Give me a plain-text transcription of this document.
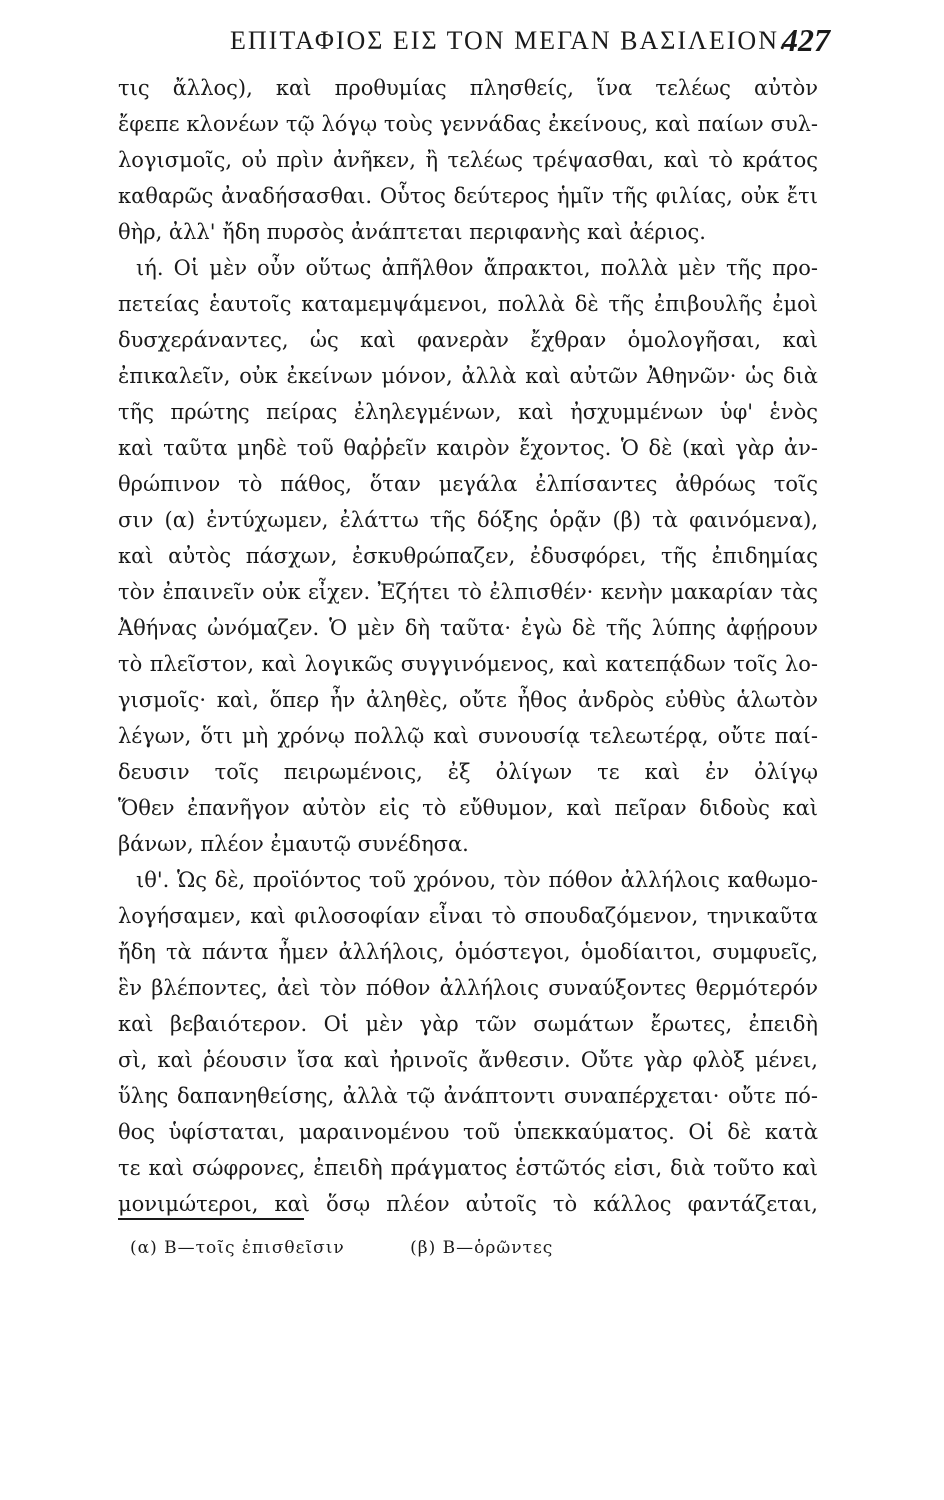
ΕΠΙΤΑΦΙΟΣ ΕΙΣ ΤΟΝ ΜΕΓΑΝ ΒΑΣΙΛΕΙΟΝ.
427
τις ἄλλος), καὶ προθυμίας πλησθείς, ἵνα τελέως αὐτὸν
ἔφεπε κλονέων τῷ λόγῳ τοὺς γεννάδας ἐκείνους, καὶ παίων συλ-
λογισμοῖς, οὐ πρὶν ἀνῆκεν, ἢ τελέως τρέψασθαι, καὶ τὸ κράτος
καθαρῶς ἀναδήσασθαι. Οὗτος δεύτερος ἡμῖν τῆς φιλίας, οὐκ ἔτι
θὴρ, ἀλλ' ἤδη πυρσὸς ἀνάπτεται περιφανὴς καὶ ἀέριος.
ιή. Οἱ μὲν οὖν οὕτως ἀπῆλθον ἄπρακτοι, πολλὰ μὲν τῆς προ-
πετείας ἑαυτοῖς καταμεμψάμενοι, πολλὰ δὲ τῆς ἐπιβουλῆς ἐμοὶ
δυσχεράναντες, ὡς καὶ φανερὰν ἔχθραν ὁμολογῆσαι, καὶ
ἐπικαλεῖν, οὐκ ἐκείνων μόνον, ἀλλὰ καὶ αὐτῶν Ἀθηνῶν· ὡς διὰ
τῆς πρώτης πείρας ἐληλεγμένων, καὶ ἠσχυμμένων ὑφ' ἑνὸς
καὶ ταῦτα μηδὲ τοῦ θαῤῥεῖν καιρὸν ἔχοντος. Ὁ δὲ (καὶ γὰρ ἀν-
θρώπινον τὸ πάθος, ὅταν μεγάλα ἐλπίσαντες ἀθρόως τοῖς
σιν (α) ἐντύχωμεν, ἐλάττω τῆς δόξης ὁρᾷν (β) τὰ φαινόμενα),
καὶ αὐτὸς πάσχων, ἐσκυθρώπαζεν, ἐδυσφόρει, τῆς ἐπιδημίας
τὸν ἐπαινεῖν οὐκ εἶχεν. Ἐζήτει τὸ ἐλπισθέν· κενὴν μακαρίαν τὰς
Ἀθήνας ὠνόμαζεν. Ὁ μὲν δὴ ταῦτα· ἐγὼ δὲ τῆς λύπης ἀφῄρουν
τὸ πλεῖστον, καὶ λογικῶς συγγινόμενος, καὶ κατεπᾴδων τοῖς λο-
γισμοῖς· καὶ, ὅπερ ἦν ἀληθὲς, οὔτε ἦθος ἀνδρὸς εὐθὺς ἁλωτὸν
λέγων, ὅτι μὴ χρόνῳ πολλῷ καὶ συνουσίᾳ τελεωτέρᾳ, οὔτε παί-
δευσιν τοῖς πειρωμένοις, ἐξ ὀλίγων τε καὶ ἐν ὀλίγῳ
Ὅθεν ἐπανῆγον αὐτὸν εἰς τὸ εὔθυμον, καὶ πεῖραν διδοὺς καὶ
βάνων, πλέον ἐμαυτῷ συνέδησα.
ιθ'. Ὡς δὲ, προϊόντος τοῦ χρόνου, τὸν πόθον ἀλλήλοις καθωμο-
λογήσαμεν, καὶ φιλοσοφίαν εἶναι τὸ σπουδαζόμενον, τηνικαῦτα
ἤδη τὰ πάντα ἦμεν ἀλλήλοις, ὁμόστεγοι, ὁμοδίαιτοι, συμφυεῖς,
ἓν βλέποντες, ἀεὶ τὸν πόθον ἀλλήλοις συναύξοντες θερμότερόν
καὶ βεβαιότερον. Οἱ μὲν γὰρ τῶν σωμάτων ἔρωτες, ἐπειδὴ
σὶ, καὶ ῥέουσιν ἴσα καὶ ἠρινοῖς ἄνθεσιν. Οὔτε γὰρ φλὸξ μένει,
ὕλης δαπανηθείσης, ἀλλὰ τῷ ἀνάπτοντι συναπέρχεται· οὔτε πό-
θος ὑφίσταται, μαραινομένου τοῦ ὑπεκκαύματος. Οἱ δὲ κατὰ
τε καὶ σώφρονες, ἐπειδὴ πράγματος ἑστῶτός εἰσι, διὰ τοῦτο καὶ
μονιμώτεροι, καὶ ὅσῳ πλέον αὐτοῖς τὸ κάλλος φαντάζεται,
(α) Β—τοῖς ἐπισθεῖσιν	(β) Β—ὁρῶντες
